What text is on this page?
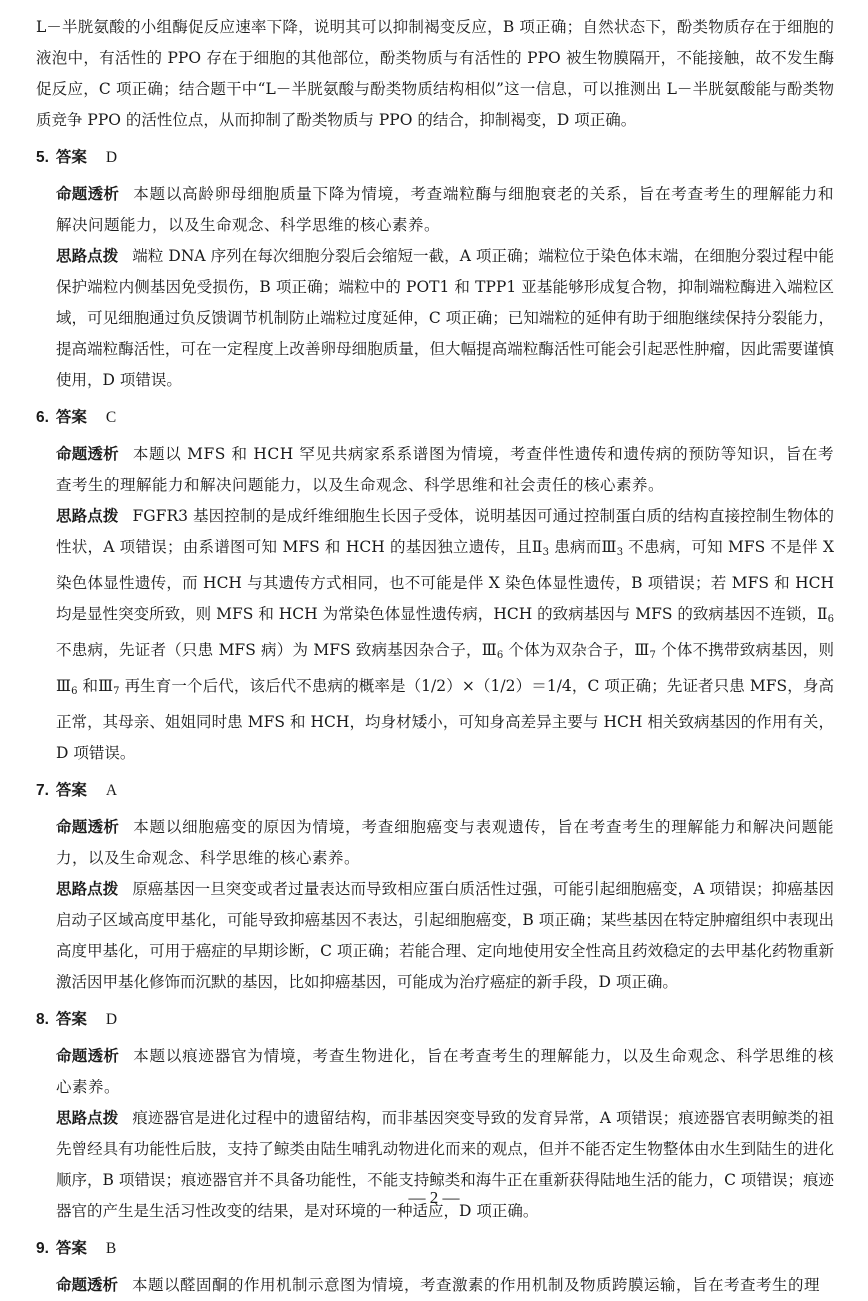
L－半胱氨酸的小组酶促反应速率下降，说明其可以抑制褐变反应，B 项正确；自然状态下，酚类物质存在于细胞的液泡中，有活性的 PPO 存在于细胞的其他部位，酚类物质与有活性的 PPO 被生物膜隔开，不能接触，故不发生酶促反应，C 项正确；结合题干中“L－半胱氨酸与酚类物质结构相似”这一信息，可以推测出 L－半胱氨酸能与酚类物质竞争 PPO 的活性位点，从而抑制了酚类物质与 PPO 的结合，抑制褐变，D 项正确。

5. 答案 D

命题透析 本题以高龄卵母细胞质量下降为情境，考查端粒酶与细胞衰老的关系，旨在考查考生的理解能力和解决问题能力，以及生命观念、科学思维的核心素养。

思路点拨 端粒 DNA 序列在每次细胞分裂后会缩短一截，A 项正确；端粒位于染色体末端，在细胞分裂过程中能保护端粒内侧基因免受损伤，B 项正确；端粒中的 POT1 和 TPP1 亚基能够形成复合物，抑制端粒酶进入端粒区域，可见细胞通过负反馈调节机制防止端粒过度延伸，C 项正确；已知端粒的延伸有助于细胞继续保持分裂能力，提高端粒酶活性，可在一定程度上改善卵母细胞质量，但大幅提高端粒酶活性可能会引起恶性肿瘤，因此需要谨慎使用，D 项错误。

6. 答案 C

命题透析 本题以 MFS 和 HCH 罕见共病家系系谱图为情境，考查伴性遗传和遗传病的预防等知识，旨在考查考生的理解能力和解决问题能力，以及生命观念、科学思维和社会责任的核心素养。

思路点拨 FGFR3 基因控制的是成纤维细胞生长因子受体，说明基因可通过控制蛋白质的结构直接控制生物体的性状，A 项错误；由系谱图可知 MFS 和 HCH 的基因独立遗传，且$Ⅱ_3$ 患病而$Ⅲ_3$ 不患病，可知 MFS 不是伴 X 染色体显性遗传，而 HCH 与其遗传方式相同，也不可能是伴 X 染色体显性遗传，B 项错误；若 MFS 和 HCH 均是显性突变所致，则 MFS 和 HCH 为常染色体显性遗传病，HCH 的致病基因与 MFS 的致病基因不连锁，$Ⅱ_6$ 不患病，先证者（只患 MFS 病）为 MFS 致病基因杂合子，$Ⅲ_6$ 个体为双杂合子，$Ⅲ_7$ 个体不携带致病基因，则$Ⅲ_6$ 和$Ⅲ_7$ 再生育一个后代，该后代不患病的概率是（1/2）×（1/2）＝1/4，C 项正确；先证者只患 MFS，身高正常，其母亲、姐姐同时患 MFS 和 HCH，均身材矮小，可知身高差异主要与 HCH 相关致病基因的作用有关，D 项错误。

7. 答案 A

命题透析 本题以细胞癌变的原因为情境，考查细胞癌变与表观遗传，旨在考查考生的理解能力和解决问题能力，以及生命观念、科学思维的核心素养。

思路点拨 原癌基因一旦突变或者过量表达而导致相应蛋白质活性过强，可能引起细胞癌变，A 项错误；抑癌基因启动子区域高度甲基化，可能导致抑癌基因不表达，引起细胞癌变，B 项正确；某些基因在特定肿瘤组织中表现出高度甲基化，可用于癌症的早期诊断，C 项正确；若能合理、定向地使用安全性高且药效稳定的去甲基化药物重新激活因甲基化修饰而沉默的基因，比如抑癌基因，可能成为治疗癌症的新手段，D 项正确。

8. 答案 D

命题透析 本题以痕迹器官为情境，考查生物进化，旨在考查考生的理解能力，以及生命观念、科学思维的核心素养。

思路点拨 痕迹器官是进化过程中的遗留结构，而非基因突变导致的发育异常，A 项错误；痕迹器官表明鲸类的祖先曾经具有功能性后肢，支持了鲸类由陆生哺乳动物进化而来的观点，但并不能否定生物整体由水生到陆生的进化顺序，B 项错误；痕迹器官并不具备功能性，不能支持鲸类和海牛正在重新获得陆地生活的能力，C 项错误；痕迹器官的产生是生活习性改变的结果，是对环境的一种适应，D 项正确。

9. 答案 B

命题透析 本题以醛固酮的作用机制示意图为情境，考查激素的作用机制及物质跨膜运输，旨在考查考生的理

— 2 —
